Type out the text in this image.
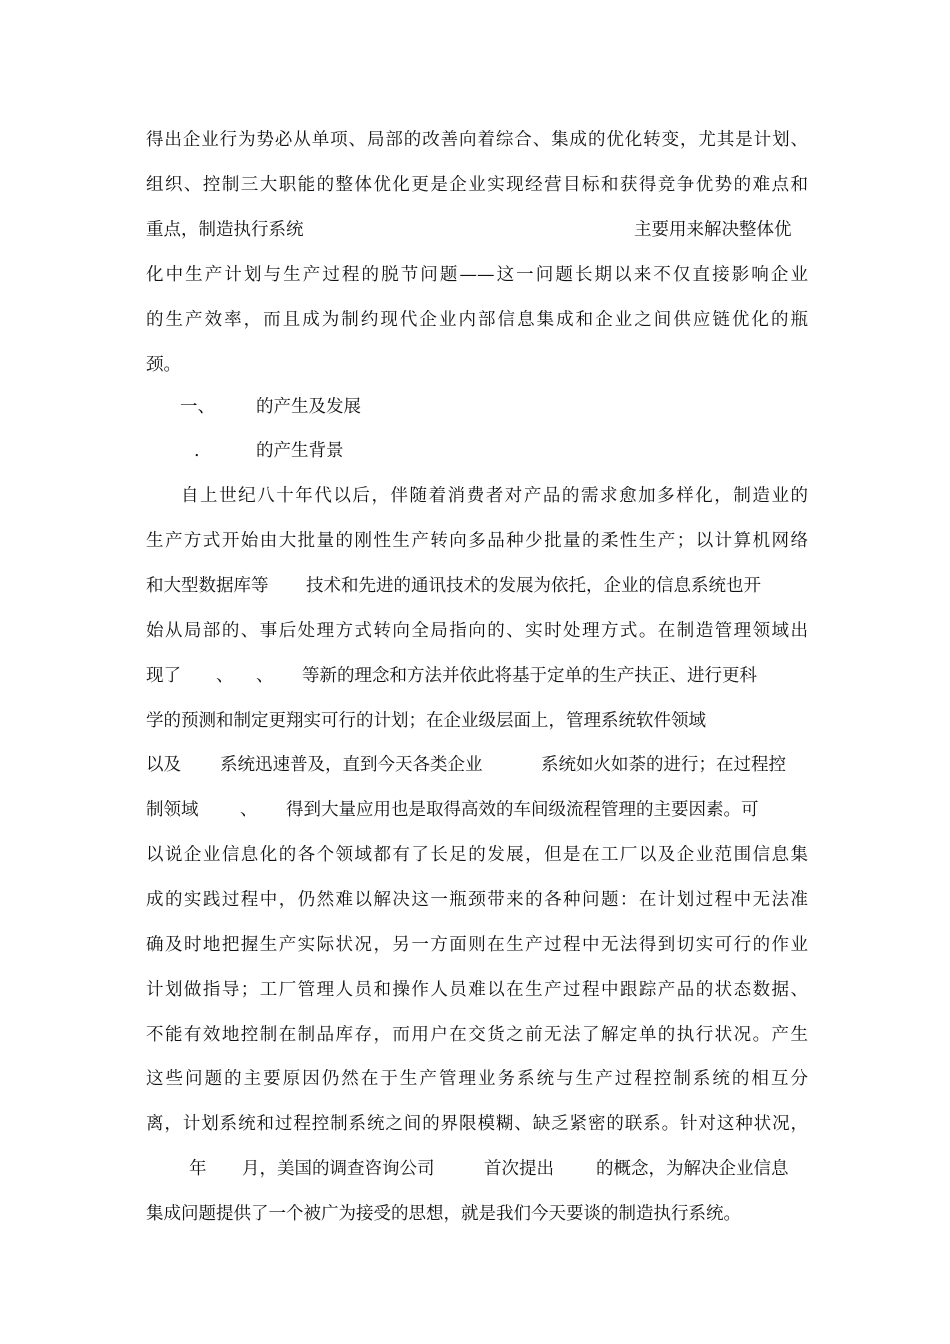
得出企业行为势必从单项、局部的改善向着综合、集成的优化转变，尤其是计划、
组织、控制三大职能的整体优化更是企业实现经营目标和获得竞争优势的难点和
重点，制造执行系统	主要用来解决整体优
化中生产计划与生产过程的脱节问题——这一问题长期以来不仅直接影响企业
的生产效率，而且成为制约现代企业内部信息集成和企业之间供应链优化的瓶
颈。
一、 的产生及发展
.	的产生背景
自上世纪八十年代以后，伴随着消费者对产品的需求愈加多样化，制造业的
生产方式开始由大批量的刚性生产转向多品种少批量的柔性生产；以计算机网络
和大型数据库等 技术和先进的通讯技术的发展为依托，企业的信息系统也开
始从局部的、事后处理方式转向全局指向的、实时处理方式。在制造管理领域出
现了 、 、 等新的理念和方法并依此将基于定单的生产扶正、进行更科
学的预测和制定更翔实可行的计划；在企业级层面上，管理系统软件领域
以及 系统迅速普及，直到今天各类企业	系统如火如荼的进行；在过程控
制领域 、 得到大量应用也是取得高效的车间级流程管理的主要因素。可
以说企业信息化的各个领域都有了长足的发展，但是在工厂以及企业范围信息集
成的实践过程中，仍然难以解决这一瓶颈带来的各种问题：在计划过程中无法准
确及时地把握生产实际状况，另一方面则在生产过程中无法得到切实可行的作业
计划做指导；工厂管理人员和操作人员难以在生产过程中跟踪产品的状态数据、
不能有效地控制在制品库存，而用户在交货之前无法了解定单的执行状况。产生
这些问题的主要原因仍然在于生产管理业务系统与生产过程控制系统的相互分
离，计划系统和过程控制系统之间的界限模糊、缺乏紧密的联系。针对这种状况，
年 月，美国的调查咨询公司	首次提出 的概念，为解决企业信息
集成问题提供了一个被广为接受的思想，就是我们今天要谈的制造执行系统。
